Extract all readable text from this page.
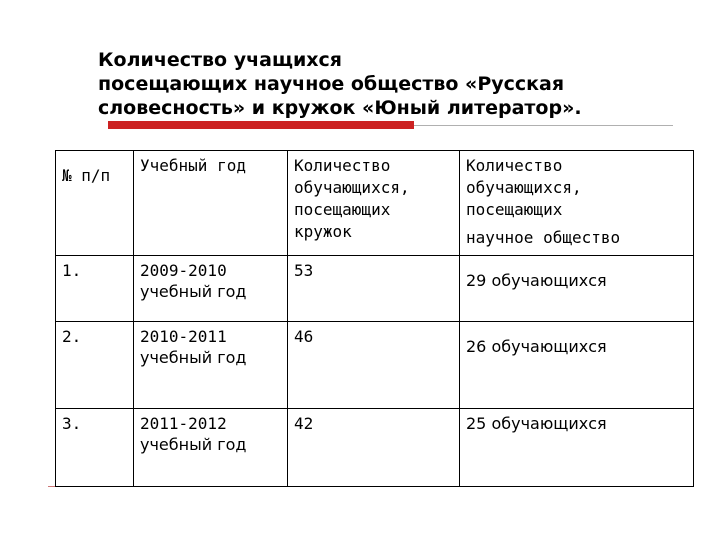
Количество учащихся
посещающих научное общество «Русская
словесность» и кружок «Юный литератор».
№ п/п	Учебный год	Количество обучающихся, посещающих кружок	Количество обучающихся, посещающих
научное общество

1.	2009-2010
учебный год	53	29 обучающихся

2.	2010-2011
учебный год	46	26 обучающихся

3.	2011-2012
учебный год	42	25 обучающихся
